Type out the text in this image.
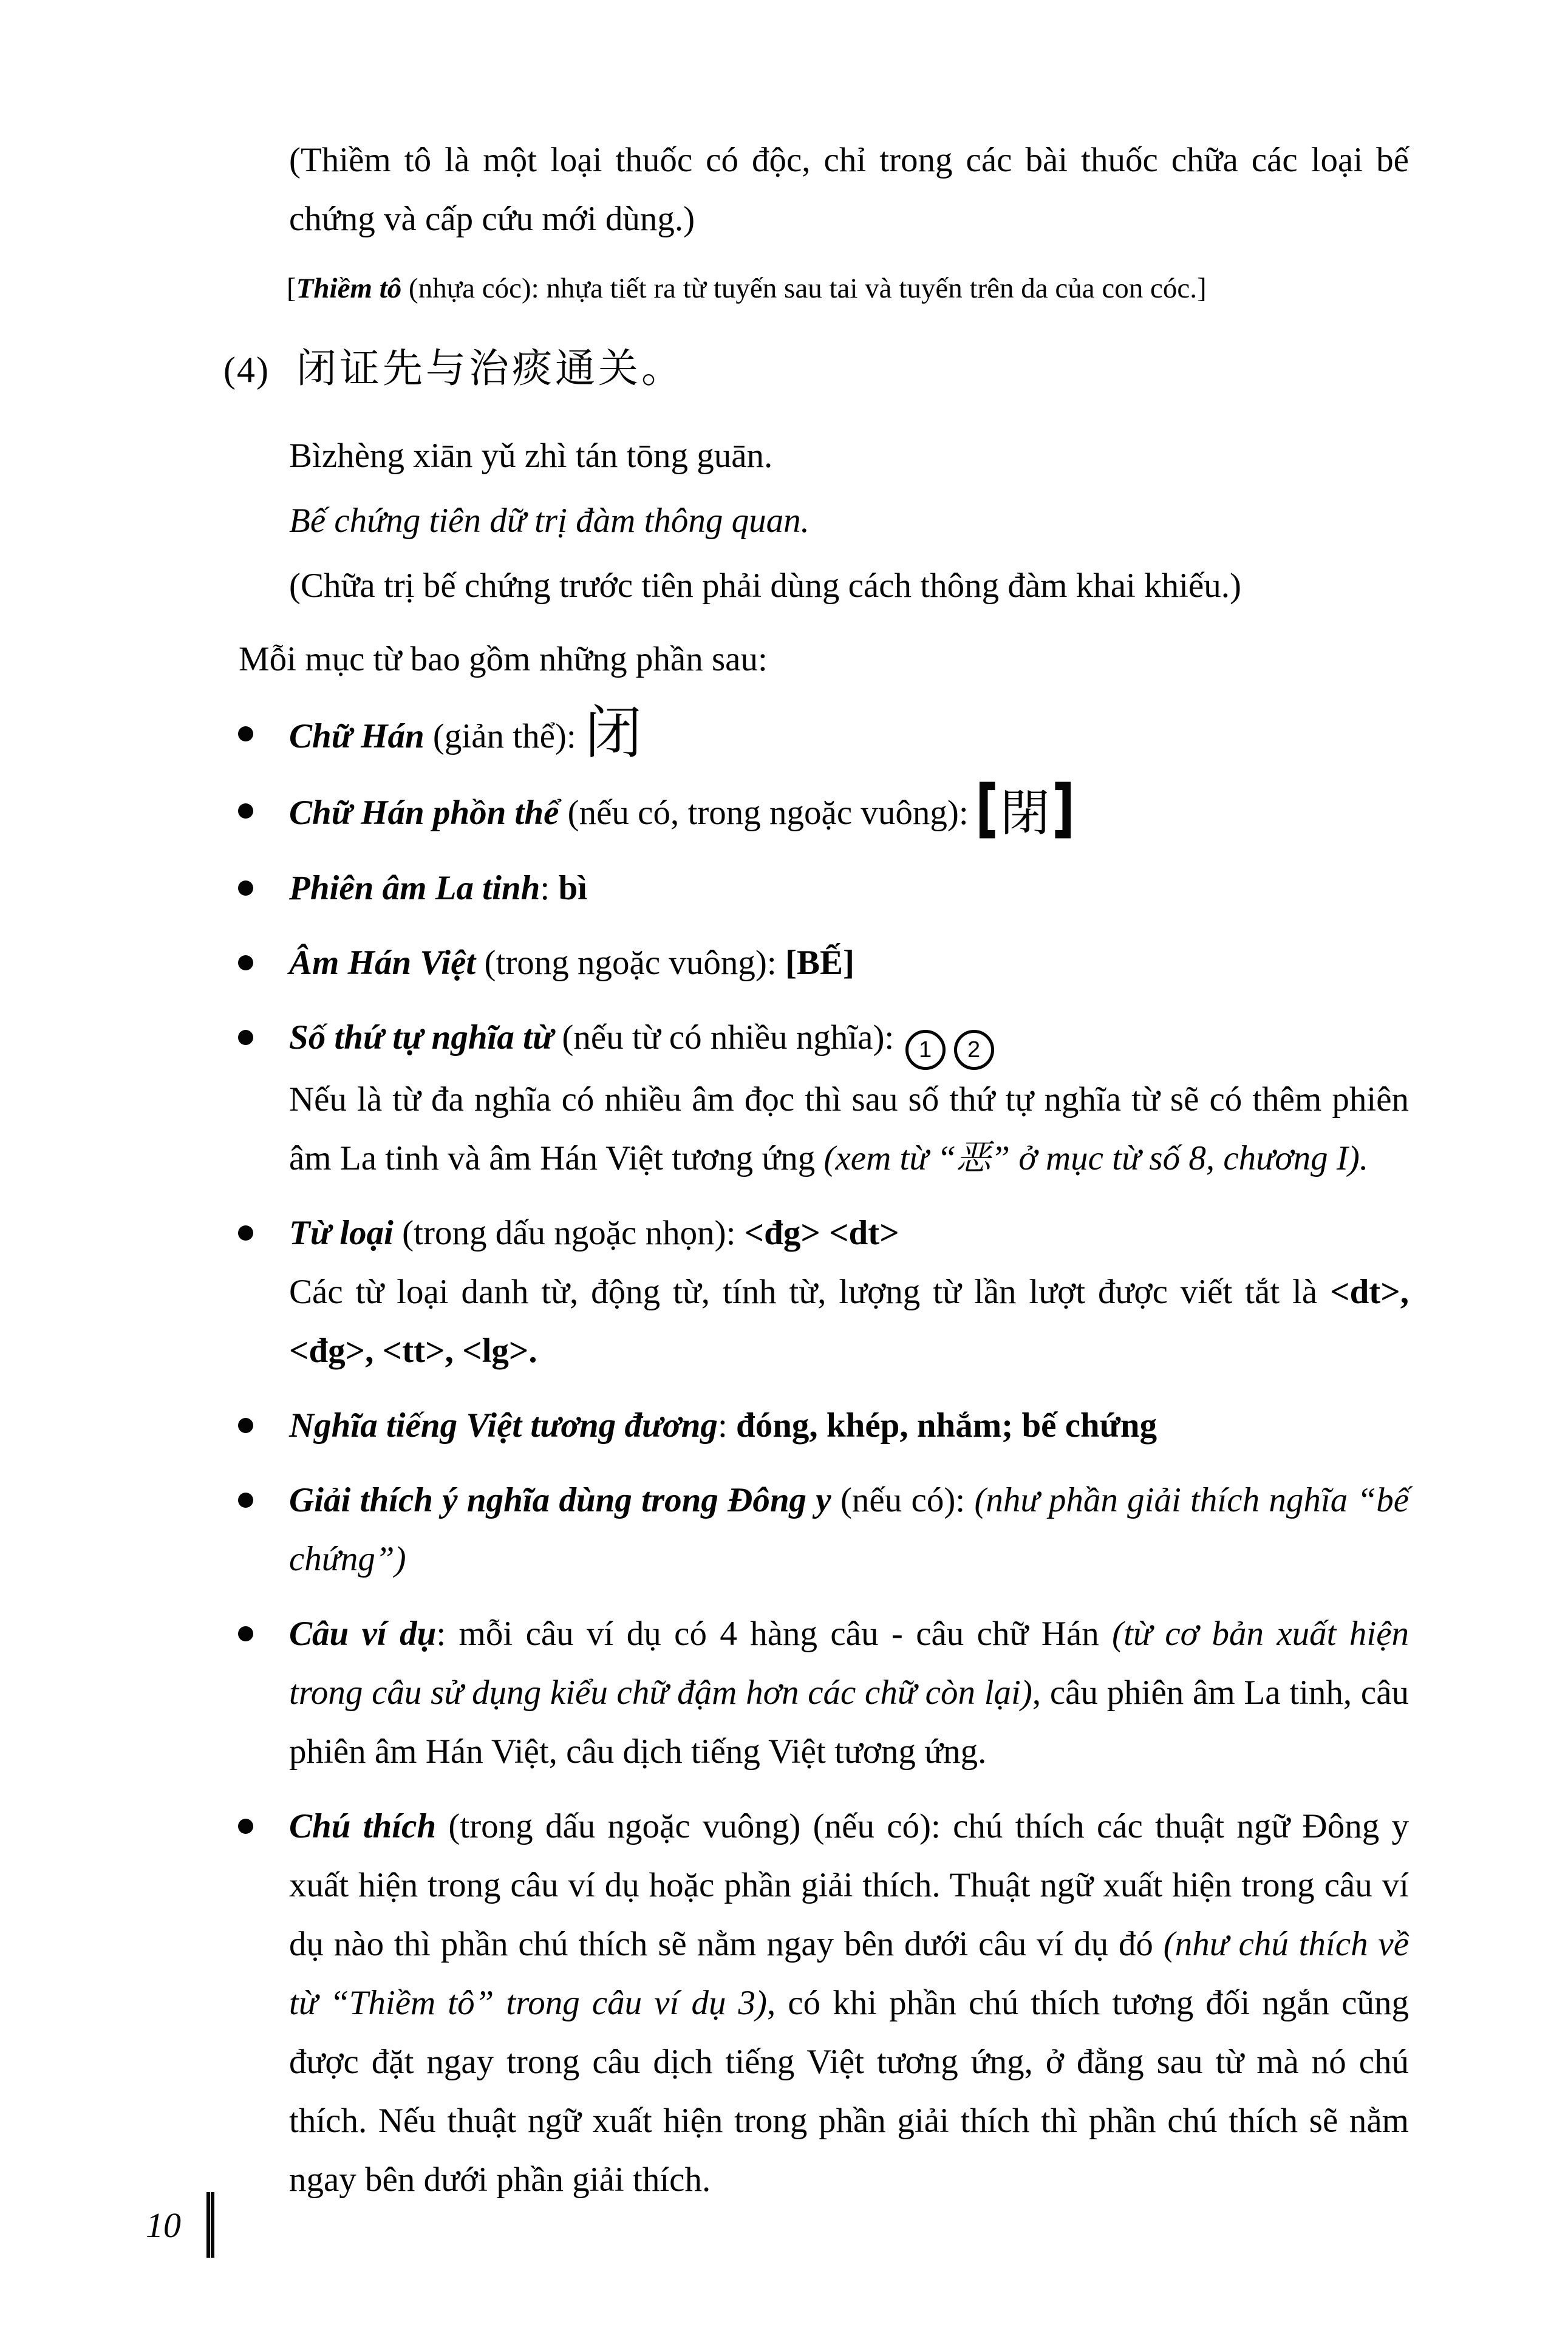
(Thiềm tô là một loại thuốc có độc, chỉ trong các bài thuốc chữa các loại bế chứng và cấp cứu mới dùng.)

[Thiềm tô (nhựa cóc): nhựa tiết ra từ tuyến sau tai và tuyến trên da của con cóc.]

(4) 闭证先与治痰通关。

Bìzhèng xiān yǔ zhì tán tōng guān.

Bế chứng tiên dữ trị đàm thông quan.

(Chữa trị bế chứng trước tiên phải dùng cách thông đàm khai khiếu.)

Mỗi mục từ bao gồm những phần sau:

Chữ Hán (giản thể): 闭

Chữ Hán phồn thể (nếu có, trong ngoặc vuông): 閉

Phiên âm La tinh: bì

Âm Hán Việt (trong ngoặc vuông): [BẾ]

Số thứ tự nghĩa từ (nếu từ có nhiều nghĩa): 1 2

Nếu là từ đa nghĩa có nhiều âm đọc thì sau số thứ tự nghĩa từ sẽ có thêm phiên âm La tinh và âm Hán Việt tương ứng (xem từ “恶” ở mục từ số 8, chương I).

Từ loại (trong dấu ngoặc nhọn): <đg> <dt>

Các từ loại danh từ, động từ, tính từ, lượng từ lần lượt được viết tắt là <dt>, <đg>, <tt>, <lg>.

Nghĩa tiếng Việt tương đương: đóng, khép, nhắm; bế chứng

Giải thích ý nghĩa dùng trong Đông y (nếu có): (như phần giải thích nghĩa “bế chứng”)

Câu ví dụ: mỗi câu ví dụ có 4 hàng câu - câu chữ Hán (từ cơ bản xuất hiện trong câu sử dụng kiểu chữ đậm hơn các chữ còn lại), câu phiên âm La tinh, câu phiên âm Hán Việt, câu dịch tiếng Việt tương ứng.

Chú thích (trong dấu ngoặc vuông) (nếu có): chú thích các thuật ngữ Đông y xuất hiện trong câu ví dụ hoặc phần giải thích. Thuật ngữ xuất hiện trong câu ví dụ nào thì phần chú thích sẽ nằm ngay bên dưới câu ví dụ đó (như chú thích về từ “Thiềm tô” trong câu ví dụ 3), có khi phần chú thích tương đối ngắn cũng được đặt ngay trong câu dịch tiếng Việt tương ứng, ở đằng sau từ mà nó chú thích. Nếu thuật ngữ xuất hiện trong phần giải thích thì phần chú thích sẽ nằm ngay bên dưới phần giải thích.

10
